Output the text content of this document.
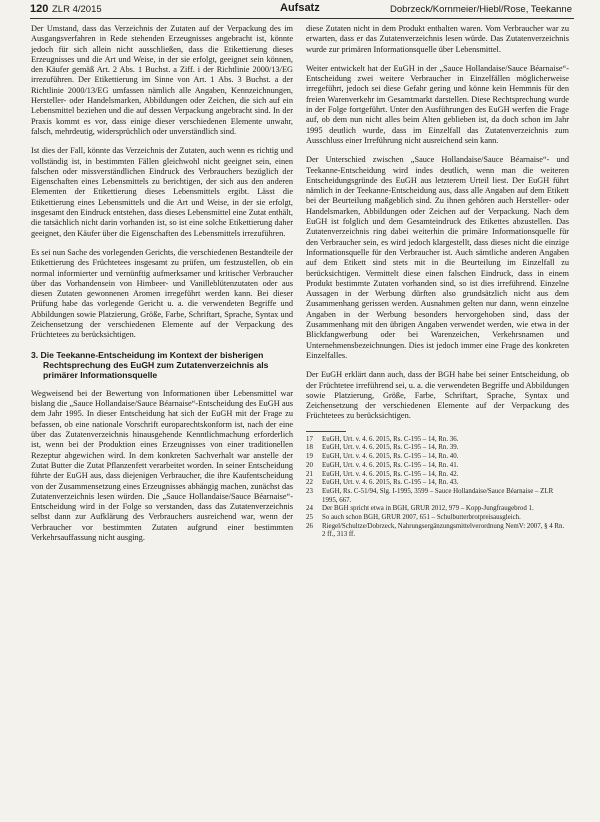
120 ZLR 4/2015	Aufsatz	Dobrzeck/Kornmeier/Hiebl/Rose, Teekanne

Der Umstand, dass das Verzeichnis der Zutaten auf der Verpackung des im Ausgangsverfahren in Rede stehenden Erzeugnisses angebracht ist, könnte jedoch für sich allein nicht ausschließen, dass die Etikettierung dieses Erzeugnisses und die Art und Weise, in der sie erfolgt, geeignet sein können, den Käufer gemäß Art. 2 Abs. 1 Buchst. a Ziff. i der Richtlinie 2000/13/EG irrezuführen. Der Etikettierung im Sinne von Art. 1 Abs. 3 Buchst. a der Richtlinie 2000/13/EG umfassen nämlich alle Angaben, Kennzeichnungen, Hersteller- oder Handelsmarken, Abbildungen oder Zeichen, die sich auf ein Lebensmittel beziehen und die auf dessen Verpackung angebracht sind. In der Praxis kommt es vor, dass einige dieser verschiedenen Elemente unwahr, falsch, mehrdeutig, widersprüchlich oder unverständlich sind.

Ist dies der Fall, könnte das Verzeichnis der Zutaten, auch wenn es richtig und vollständig ist, in bestimmten Fällen gleichwohl nicht geeignet sein, einen falschen oder missverständlichen Eindruck des Verbrauchers bezüglich der Eigenschaften eines Lebensmittels zu berichtigen, der sich aus den anderen Elementen der Etikettierung dieses Lebensmittels ergibt. Lässt die Etikettierung eines Lebensmittels und die Art und Weise, in der sie erfolgt, insgesamt den Eindruck entstehen, dass dieses Lebensmittel eine Zutat enthält, die tatsächlich nicht darin vorhanden ist, so ist eine solche Etikettierung daher geeignet, den Käufer über die Eigenschaften des Lebensmittels irrezuführen.

Es sei nun Sache des vorlegenden Gerichts, die verschiedenen Bestandteile der Etikettierung des Früchtetees insgesamt zu prüfen, um festzustellen, ob ein normal informierter und vernünftig aufmerksamer und kritischer Verbraucher über das Vorhandensein von Himbeer- und Vanilleblütenzutaten oder aus diesen Zutaten gewonnenen Aromen irregeführt werden kann. Bei dieser Prüfung habe das vorlegende Gericht u. a. die verwendeten Begriffe und Abbildungen sowie Platzierung, Größe, Farbe, Schriftart, Sprache, Syntax und Zeichensetzung der verschiedenen Elemente auf der Verpackung des Früchtetees zu berücksichtigen.

3. Die Teekanne-Entscheidung im Kontext der bisherigen Rechtsprechung des EuGH zum Zutatenverzeichnis als primärer Informationsquelle

Wegweisend bei der Bewertung von Informationen über Lebensmittel war bislang die „Sauce Hollandaise/Sauce Béarnaise“-Entscheidung des EuGH aus dem Jahr 1995. In dieser Entscheidung hat sich der EuGH mit der Frage zu befassen, ob eine nationale Vorschrift europarechtskonform ist, nach der eine über das Zutatenverzeichnis hinausgehende Kenntlichmachung erforderlich ist, wenn bei der Produktion eines Erzeugnisses von einer traditionellen Rezeptur abgewichen wird. In dem konkreten Sachverhalt war anstelle der Zutat Butter die Zutat Pflanzenfett verarbeitet worden. In seiner Entscheidung führte der EuGH aus, dass diejenigen Verbraucher, die ihre Kaufentscheidung von der Zusammensetzung eines Erzeugnisses abhängig machen, zunächst das Zutatenverzeichnis lesen würden. Die „Sauce Hollandaise/Sauce Béarnaise“-Entscheidung wird in der Folge so verstanden, dass das Zutatenverzeichnis selbst dann zur Aufklärung des Verbrauchers ausreichend war, wenn der Verbraucher vor bestimmten Zutaten aufgrund einer bestimmten Verkehrsauffassung nicht ausging.

diese Zutaten nicht in dem Produkt enthalten waren. Vom Verbraucher war zu erwarten, dass er das Zutatenverzeichnis lesen würde. Das Zutatenverzeichnis wurde zur primären Informationsquelle über Lebensmittel.

Weiter entwickelt hat der EuGH in der „Sauce Hollandaise/Sauce Béarnaise“-Entscheidung zwei weitere Verbraucher in Einzelfällen möglicherweise irregeführt, jedoch sei diese Gefahr gering und könne kein Hemmnis für den freien Warenverkehr im Gesamtmarkt darstellen. Diese Rechtsprechung wurde in der Folge fortgeführt. Unter den Ausführungen des EuGH werfen die Frage auf, ob dem nun nicht alles beim Alten geblieben ist, da doch schon im Jahr 1995 deutlich wurde, dass im Einzelfall das Zutatenverzeichnis zum Ausschluss einer Irreführung nicht ausreichend sein kann.

Der Unterschied zwischen „Sauce Hollandaise/Sauce Béarnaise“- und Teekanne-Entscheidung wird indes deutlich, wenn man die weiteren Entscheidungsgründe des EuGH aus letzterem Urteil liest. Der EuGH führt nämlich in der Teekanne-Entscheidung aus, dass alle Angaben auf dem Etikett bei der Beurteilung maßgeblich sind. Zu ihnen gehören auch Hersteller- oder Handelsmarken, Abbildungen oder Zeichen auf der Verpackung. Nach dem EuGH ist folglich und dem Gesamteindruck des Etikettes abzustellen. Das Zutatenverzeichnis ring dabei weiterhin die primäre Informationsquelle für den Verbraucher sein, es wird jedoch klargestellt, dass dieses nicht die einzige Informationsquelle für den Verbraucher ist. Auch sämtliche anderen Angaben auf dem Etikett sind stets mit in die Beurteilung im Einzelfall zu berücksichtigen. Vermittelt diese einen falschen Eindruck, dass in einem Produkt bestimmte Zutaten vorhanden sind, so ist dies irreführend. Einzelne Aussagen in der Werbung dürften also grundsätzlich nicht aus dem Zusammenhang gerissen werden. Ausnahmen gelten nur dann, wenn einzelne Angaben in der Werbung besonders hervorgehoben sind, dass der Zusammenhang mit den übrigen Angaben verwendet werden, wie etwa in der Blickfangwerbung oder bei Warenzeichen, Verkehrsnamen und Unternehmensbezeichnungen. Dies ist jedoch immer eine Frage des konkreten Einzelfalles.

Der EuGH erklärt dann auch, dass der BGH habe bei seiner Entscheidung, ob der Früchtetee irreführend sei, u. a. die verwendeten Begriffe und Abbildungen sowie Platzierung, Größe, Farbe, Schriftart, Sprache, Syntax und Zeichensetzung der verschiedenen Elemente auf der Verpackung des Früchtetees zu berücksichtigen.

17	EuGH, Urt. v. 4. 6. 2015, Rs. C-195 – 14, Rn. 36.
18	EuGH, Urt. v. 4. 6. 2015, Rs. C-195 – 14, Rn. 39.
19	EuGH, Urt. v. 4. 6. 2015, Rs. C-195 – 14, Rn. 40.
20	EuGH, Urt. v. 4. 6. 2015, Rs. C-195 – 14, Rn. 41.
21	EuGH, Urt. v. 4. 6. 2015, Rs. C-195 – 14, Rn. 42.
22	EuGH, Urt. v. 4. 6. 2015, Rs. C-195 – 14, Rn. 43.
23	EuGH, Rs. C-51/94, Slg. I-1995, 3599 – Sauce Hollandaise/Sauce Béarnaise – ZLR 1995, 667.
24	Der BGH spricht etwa in BGH, GRUR 2012, 979 – Kopp-Jungfraugebrod 1.
25	So auch schon BGH, GRUR 2007, 651 – Schulbutterbrotpreisausgleich.
26	Riegel/Schultze/Dobrzeck, Nahrungsergänzungsmittelverordnung NemV: 2007, § 4 Rn. 2 ff., 313 ff.
